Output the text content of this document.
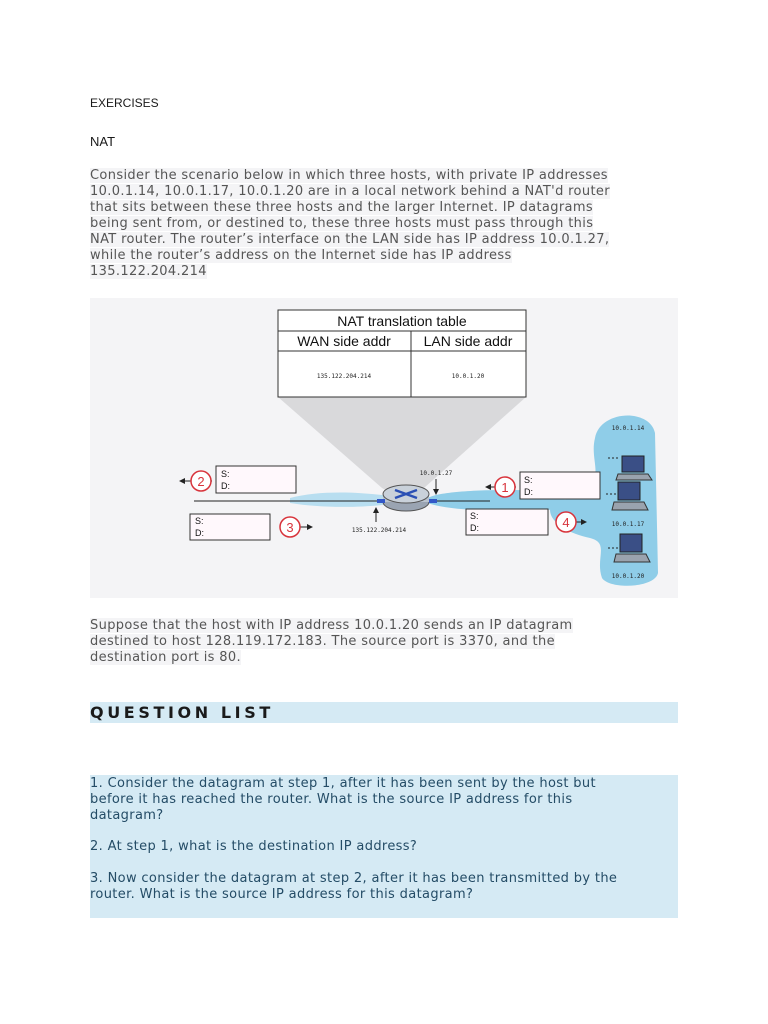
EXERCISES
NAT
Consider the scenario below in which three hosts, with private IP addresses
10.0.1.14, 10.0.1.17, 10.0.1.20 are in a local network behind a NAT'd router
that sits between these three hosts and the larger Internet. IP datagrams
being sent from, or destined to, these three hosts must pass through this
NAT router. The router’s interface on the LAN side has IP address 10.0.1.27,
while the router’s address on the Internet side has IP address
135.122.204.214
NAT translation table
WAN side addr LAN side addr
135.122.204.214	10.0.1.20
10.0.1.27
135.122.204.214
S:
D:
2
S:
D:	3
S:
D:
1
S:
D:	4
10.0.1.14
10.0.1.17
10.0.1.20
Suppose that the host with IP address 10.0.1.20 sends an IP datagram
destined to host 128.119.172.183. The source port is 3370, and the
destination port is 80.
QUESTION LIST
1. Consider the datagram at step 1, after it has been sent by the host but
before it has reached the router. What is the source IP address for this
datagram?
2. At step 1, what is the destination IP address?
3. Now consider the datagram at step 2, after it has been transmitted by the
router. What is the source IP address for this datagram?
